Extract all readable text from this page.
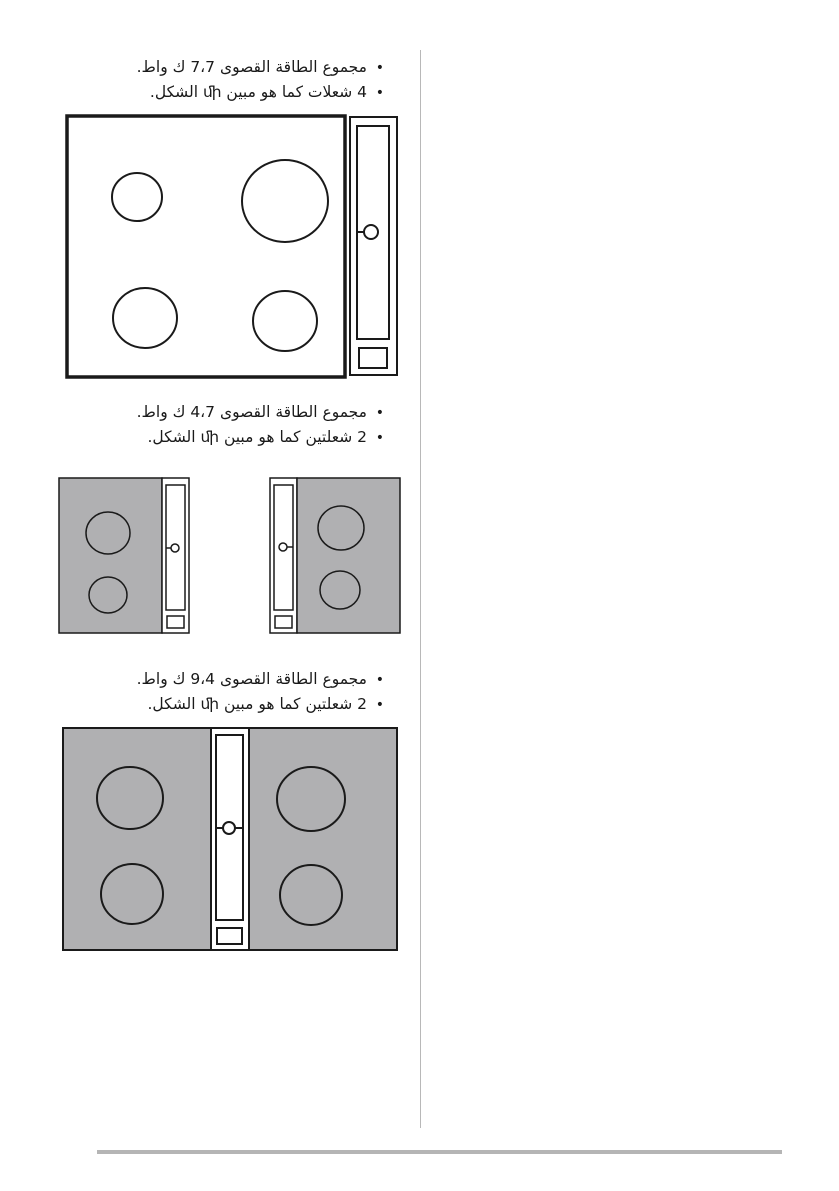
• مجموع الطاقة القصوى 7،7 ك واط.
• 4 شعلات كما هو مبين ﬕ الشكل.
• مجموع الطاقة القصوى 4،7 ك واط.
• 2 شعلتين كما هو مبين ﬕ الشكل.
• مجموع الطاقة القصوى 9،4 ك واط.
• 2 شعلتين كما هو مبين ﬕ الشكل.
